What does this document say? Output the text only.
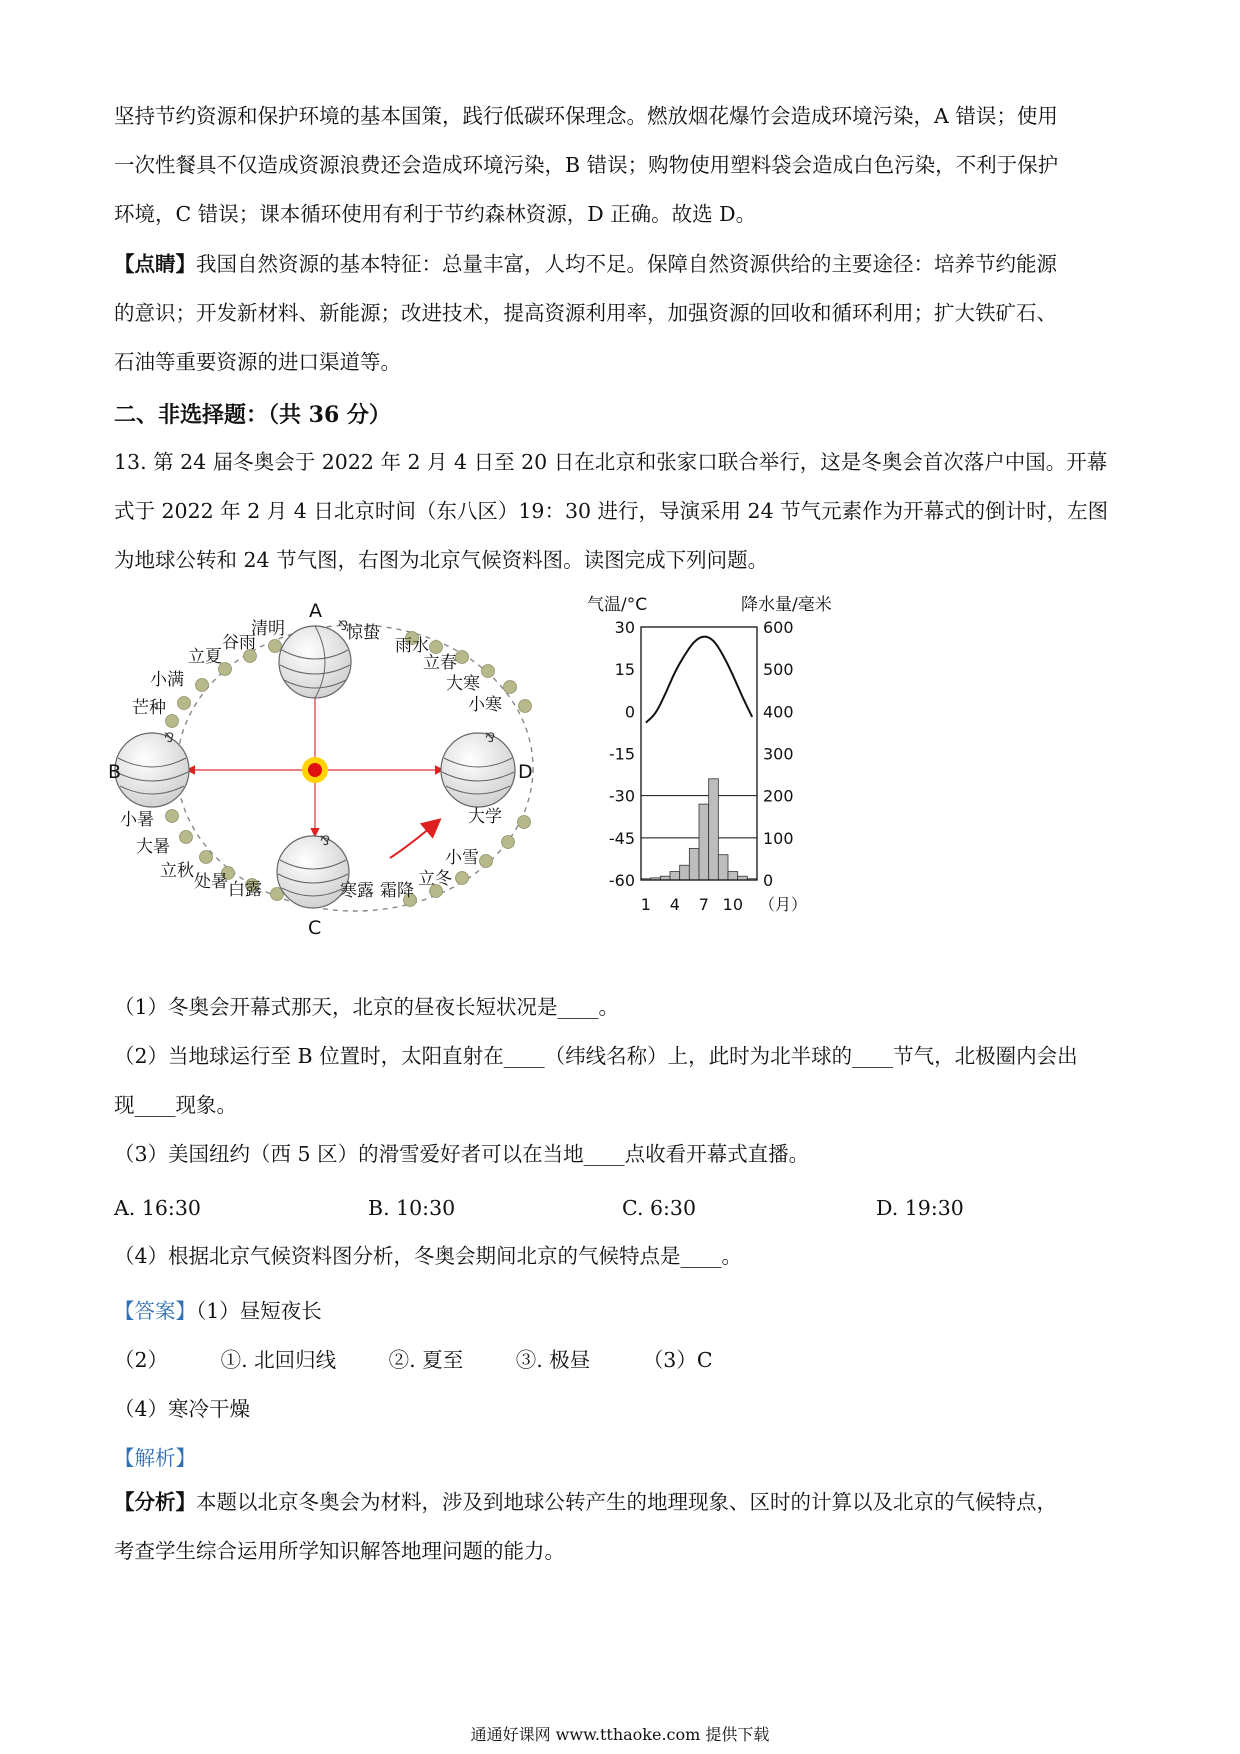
坚持节约资源和保护环境的基本国策，践行低碳环保理念。燃放烟花爆竹会造成环境污染，A 错误；使用
一次性餐具不仅造成资源浪费还会造成环境污染，B 错误；购物使用塑料袋会造成白色污染，不利于保护
环境，C 错误；课本循环使用有利于节约森林资源，D 正确。故选 D。
【点睛】我国自然资源的基本特征：总量丰富，人均不足。保障自然资源供给的主要途径：培养节约能源
的意识；开发新材料、新能源；改进技术，提高资源利用率，加强资源的回收和循环利用；扩大铁矿石、
石油等重要资源的进口渠道等。
二、非选择题：（共 36 分）
13. 第 24 届冬奥会于 2022 年 2 月 4 日至 20 日在北京和张家口联合举行，这是冬奥会首次落户中国。开幕
式于 2022 年 2 月 4 日北京时间（东八区）19：30 进行，导演采用 24 节气元素作为开幕式的倒计时，左图
为地球公转和 24 节气图，右图为北京气候资料图。读图完成下列问题。
⅋
⅋	⅋
⅋
A
B
C
D
清明
谷雨
立夏
小满
芒种
惊蛰
雨水
立春
大寒
小寒
小暑
大暑
立秋
处暑 白露	寒露 霜降
立冬
小雪
大学
气温/°C	降水量/毫米
30
15
0
-15
-30
-45
-60
600
500
400
300
200
100
0
1 4 7 10 （月）
（1）冬奥会开幕式那天，北京的昼夜长短状况是____。
（2）当地球运行至 B 位置时，太阳直射在____（纬线名称）上，此时为北半球的____节气，北极圈内会出
现____现象。
（3）美国纽约（西 5 区）的滑雪爱好者可以在当地____点收看开幕式直播。
A. 16:30	B. 10:30	C. 6:30	D. 19:30
（4）根据北京气候资料图分析，冬奥会期间北京的气候特点是____。
【答案】（1）昼短夜长
（2）	①. 北回归线	②. 夏至	③. 极昼	（3）C
（4）寒冷干燥
【解析】
【分析】本题以北京冬奥会为材料，涉及到地球公转产生的地理现象、区时的计算以及北京的气候特点，
考查学生综合运用所学知识解答地理问题的能力。
通通好课网 www.tthaoke.com 提供下载
